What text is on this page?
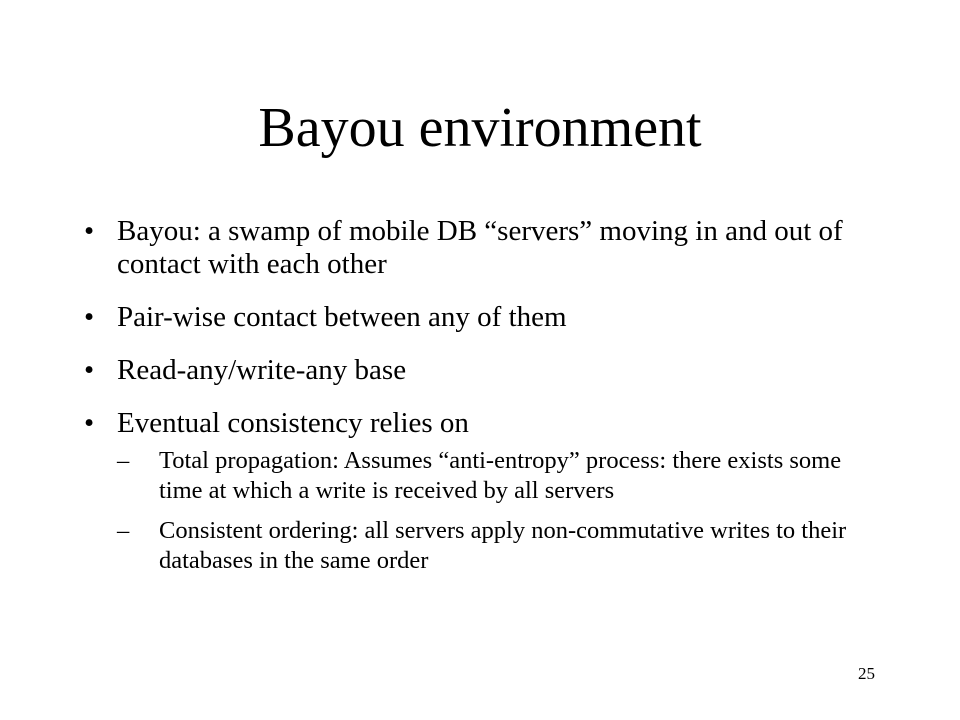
Bayou environment
• Bayou: a swamp of mobile DB “servers” moving in and out of contact with each other
• Pair-wise contact between any of them
• Read-any/write-any base
• Eventual consistency relies on
– Total propagation: Assumes “anti-entropy” process: there exists some time at which a write is received by all servers
– Consistent ordering: all servers apply non-commutative writes to their databases in the same order
25
